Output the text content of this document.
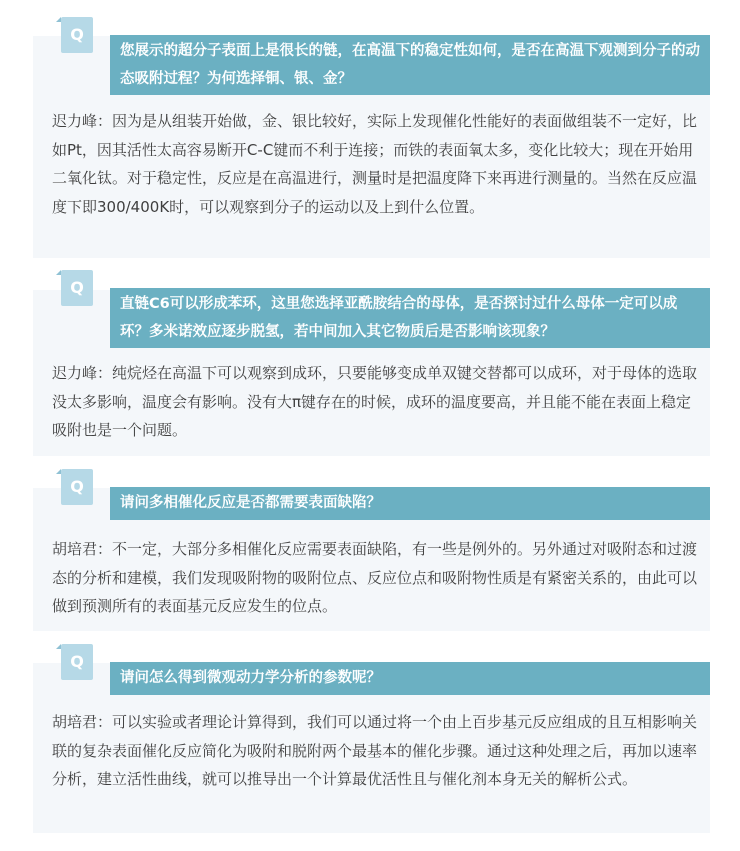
Q
您展示的超分子表面上是很长的链，在高温下的稳定性如何，是否在高温下观测到分子的动态吸附过程？为何选择铜、银、金？
迟力峰：因为是从组装开始做，金、银比较好，实际上发现催化性能好的表面做组装不一定好，比如Pt，因其活性太高容易断开C-C键而不利于连接；而铁的表面氧太多，变化比较大；现在开始用二氧化钛。对于稳定性，反应是在高温进行，测量时是把温度降下来再进行测量的。当然在反应温度下即300/400K时，可以观察到分子的运动以及上到什么位置。
Q
直链C6可以形成苯环，这里您选择亚酰胺结合的母体，是否探讨过什么母体一定可以成环？多米诺效应逐步脱氢，若中间加入其它物质后是否影响该现象？
迟力峰：纯烷烃在高温下可以观察到成环，只要能够变成单双键交替都可以成环，对于母体的选取没太多影响，温度会有影响。没有大π键存在的时候，成环的温度要高，并且能不能在表面上稳定吸附也是一个问题。
Q
请问多相催化反应是否都需要表面缺陷？
胡培君：不一定，大部分多相催化反应需要表面缺陷，有一些是例外的。另外通过对吸附态和过渡态的分析和建模，我们发现吸附物的吸附位点、反应位点和吸附物性质是有紧密关系的，由此可以做到预测所有的表面基元反应发生的位点。
Q
请问怎么得到微观动力学分析的参数呢？
胡培君：可以实验或者理论计算得到，我们可以通过将一个由上百步基元反应组成的且互相影响关联的复杂表面催化反应简化为吸附和脱附两个最基本的催化步骤。通过这种处理之后，再加以速率分析，建立活性曲线，就可以推导出一个计算最优活性且与催化剂本身无关的解析公式。
